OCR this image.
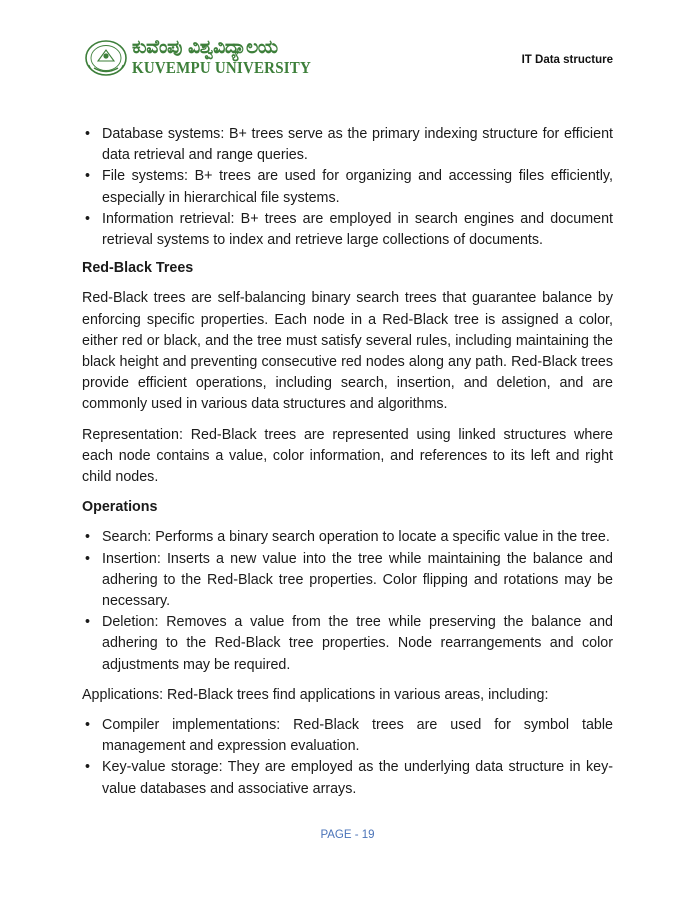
ಕುವೆಂಪು ವಿಶ್ವವಿದ್ಯಾಲಯ
KUVEMPU UNIVERSITY	IT Data structure
• Database systems: B+ trees serve as the primary indexing structure for efficient data retrieval and range queries.
• File systems: B+ trees are used for organizing and accessing files efficiently, especially in hierarchical file systems.
• Information retrieval: B+ trees are employed in search engines and document retrieval systems to index and retrieve large collections of documents.
Red-Black Trees

Red-Black trees are self-balancing binary search trees that guarantee balance by enforcing specific properties. Each node in a Red-Black tree is assigned a color, either red or black, and the tree must satisfy several rules, including maintaining the black height and preventing consecutive red nodes along any path. Red-Black trees provide efficient operations, including search, insertion, and deletion, and are commonly used in various data structures and algorithms.

Representation: Red-Black trees are represented using linked structures where each node contains a value, color information, and references to its left and right child nodes.

Operations
• Search: Performs a binary search operation to locate a specific value in the tree.
• Insertion: Inserts a new value into the tree while maintaining the balance and adhering to the Red-Black tree properties. Color flipping and rotations may be necessary.
• Deletion: Removes a value from the tree while preserving the balance and adhering to the Red-Black tree properties. Node rearrangements and color adjustments may be required.

Applications: Red-Black trees find applications in various areas, including:

• Compiler implementations: Red-Black trees are used for symbol table management and expression evaluation.
• Key-value storage: They are employed as the underlying data structure in key-value databases and associative arrays.
PAGE - 19
